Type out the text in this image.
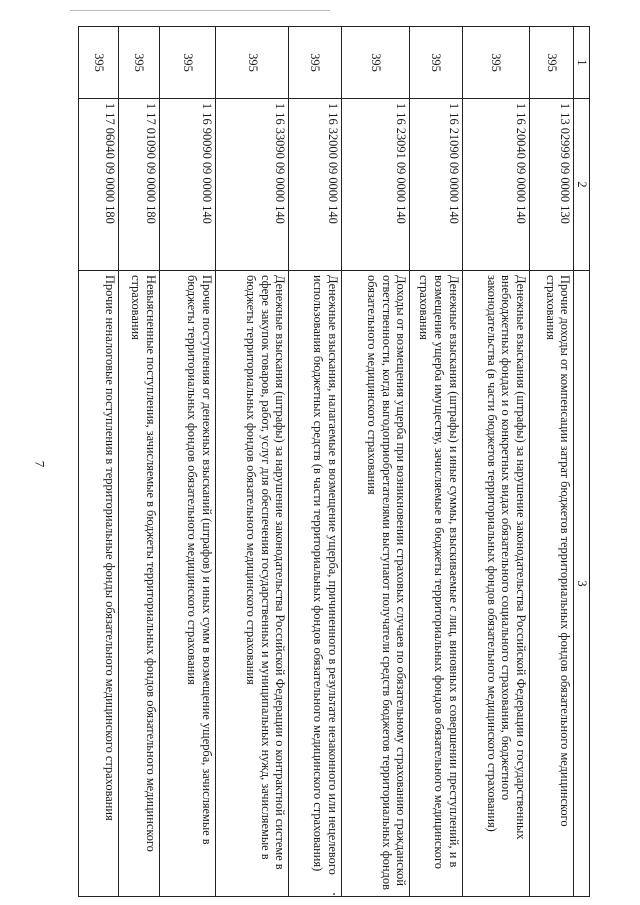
7
1	2	3
395	1 13 02999 09 0000 130	Прочие доходы от компенсации затрат бюджетов территориальных фондов обязательного медицинского страхования
395	1 16 20040 09 0000 140	Денежные взыскания (штрафы) за нарушение законодательства Российской Федерации о государственных внебюджетных фондах и о конкретных видах обязательного социального страхования, бюджетного законодательства (в части бюджетов территориальных фондов обязательного медицинского страхования)
395	1 16 21090 09 0000 140	Денежные взыскания (штрафы) и иные суммы, взыскиваемые с лиц, виновных в совершении преступлений, и в возмещение ущерба имуществу, зачисляемые в бюджеты территориальных фондов обязательного медицинского страхования
395	1 16 23091 09 0000 140	Доходы от возмещения ущерба при возникновении страховых случаев по обязательному страхованию гражданской ответственности, когда выгодоприобретателями выступают получатели средств бюджетов территориальных фондов обязательного медицинского страхования
395	1 16 32000 09 0000 140	Денежные взыскания, налагаемые в возмещение ущерба, причиненного в результате незаконного или нецелевого использования бюджетных средств (в части территориальных фондов обязательного медицинского страхования)
395	1 16 33090 09 0000 140	Денежные взыскания (штрафы) за нарушение законодательства Российской Федерации о контрактной системе в сфере закупок товаров, работ, услуг для обеспечения государственных и муниципальных нужд, зачисляемые в бюджеты территориальных фондов обязательного медицинского страхования
395	1 16 90090 09 0000 140	Прочие поступления от денежных взысканий (штрафов) и иных сумм в возмещение ущерба, зачисляемые в бюджеты территориальных фондов обязательного медицинского страхования
395	1 17 01090 09 0000 180	Невыясненные поступления, зачисляемые в бюджеты территориальных фондов обязательного медицинского страхования
395	1 17 06040 09 0000 180	Прочие неналоговые поступления в территориальные фонды обязательного медицинского страхования
